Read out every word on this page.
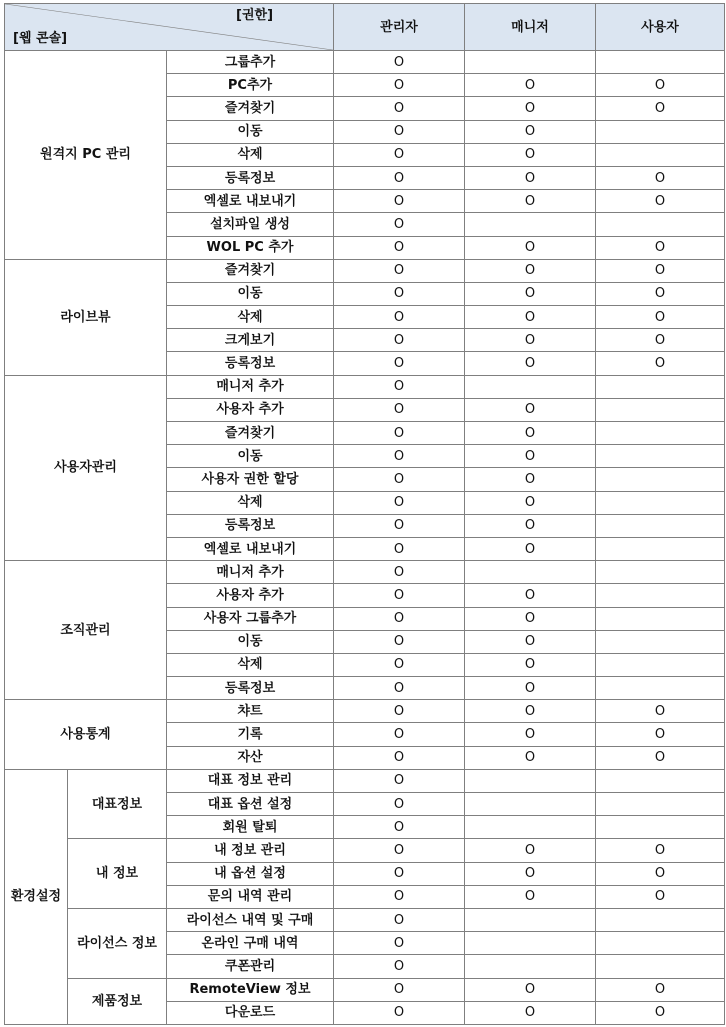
[권한]
[웹 콘솔]			관리자	매니저	사용자
원격지 PC 관리		그룹추가	O		
		PC추가	O	O	O
		즐겨찾기	O	O	O
		이동	O	O	
		삭제	O	O	
		등록정보	O	O	O
		엑셀로 내보내기	O	O	O
		설치파일 생성	O		
		WOL PC 추가	O	O	O
라이브뷰		즐겨찾기	O	O	O
		이동	O	O	O
		삭제	O	O	O
		크게보기	O	O	O
		등록정보	O	O	O
사용자관리		매니저 추가	O		
		사용자 추가	O	O	
		즐겨찾기	O	O	
		이동	O	O	
		사용자 권한 할당	O	O	
		삭제	O	O	
		등록정보	O	O	
		엑셀로 내보내기	O	O	
조직관리		매니저 추가	O		
		사용자 추가	O	O	
		사용자 그룹추가	O	O	
		이동	O	O	
		삭제	O	O	
		등록정보	O	O	
사용통계		챠트	O	O	O
		기록	O	O	O
		자산	O	O	O
환경설정	대표정보	대표 정보 관리	O		
		대표 옵션 설정	O		
		회원 탈퇴	O		
	내 정보	내 정보 관리	O	O	O
		내 옵션 설정	O	O	O
		문의 내역 관리	O	O	O
	라이선스 정보	라이선스 내역 및 구매	O		
		온라인 구매 내역	O		
		쿠폰관리	O		
	제품정보	RemoteView 정보	O	O	O
		다운로드	O	O	O
